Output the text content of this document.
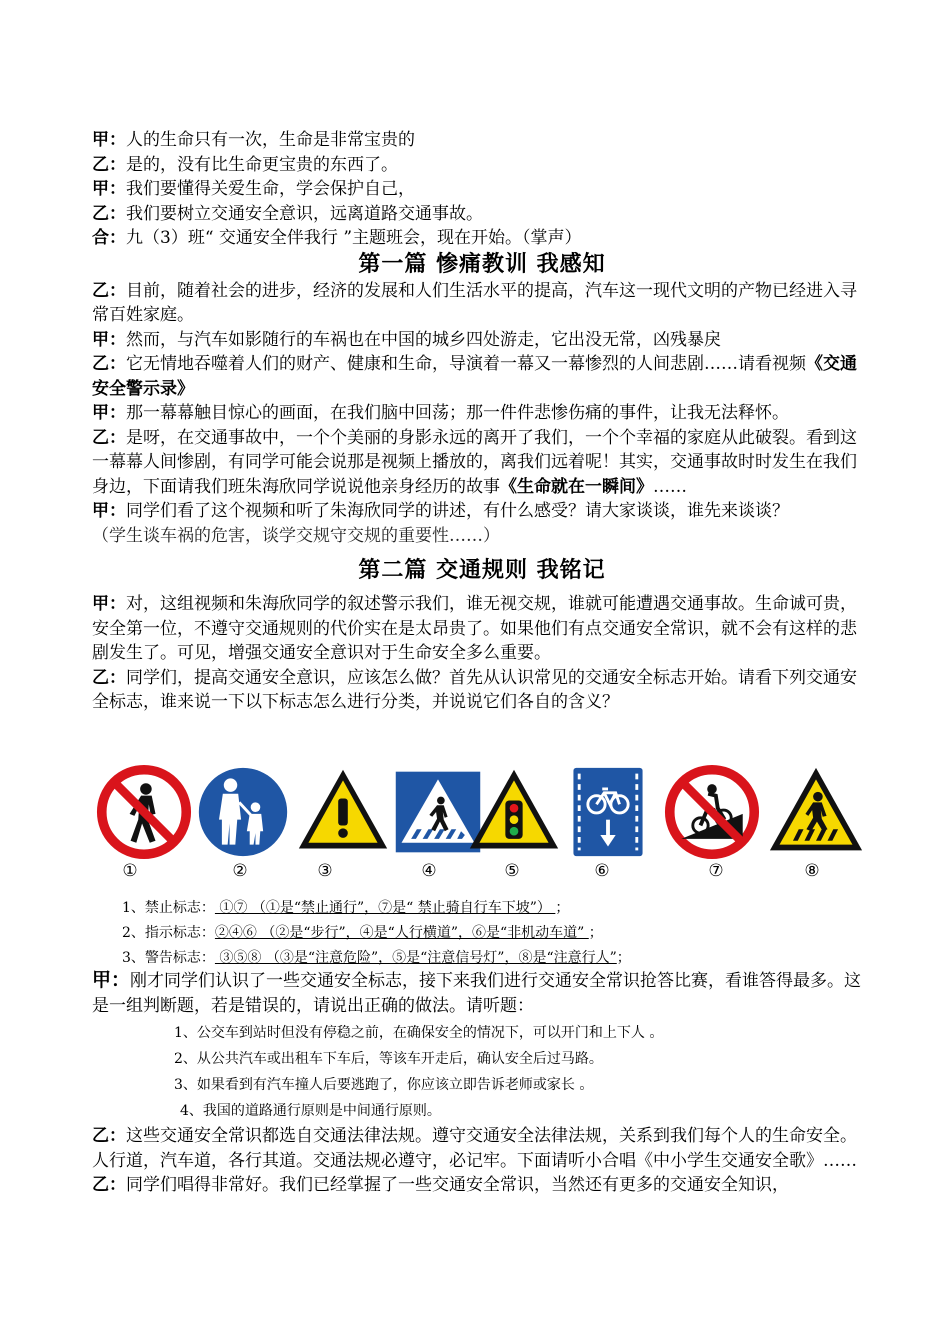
甲：人的生命只有一次，生命是非常宝贵的

乙：是的，没有比生命更宝贵的东西了。

甲：我们要懂得关爱生命，学会保护自己，

乙：我们要树立交通安全意识，远离道路交通事故。

合：九（3）班“ 交通安全伴我行 ”主题班会，现在开始。（掌声）

第一篇 惨痛教训 我感知

乙：目前，随着社会的进步，经济的发展和人们生活水平的提高，汽车这一现代文明的产物已经进入寻常百姓家庭。

甲：然而，与汽车如影随行的车祸也在中国的城乡四处游走，它出没无常，凶残暴戾

乙：它无情地吞噬着人们的财产、健康和生命，导演着一幕又一幕惨烈的人间悲剧……请看视频《交通安全警示录》

甲：那一幕幕触目惊心的画面，在我们脑中回荡；那一件件悲惨伤痛的事件，让我无法释怀。

乙：是呀，在交通事故中，一个个美丽的身影永远的离开了我们，一个个幸福的家庭从此破裂。看到这一幕幕人间惨剧，有同学可能会说那是视频上播放的，离我们远着呢！其实，交通事故时时发生在我们身边，下面请我们班朱海欣同学说说他亲身经历的故事《生命就在一瞬间》……

甲：同学们看了这个视频和听了朱海欣同学的讲述，有什么感受？请大家谈谈，谁先来谈谈？

（学生谈车祸的危害，谈学交规守交规的重要性……）

第二篇 交通规则 我铭记

甲：对，这组视频和朱海欣同学的叙述警示我们，谁无视交规，谁就可能遭遇交通事故。生命诚可贵，安全第一位，不遵守交通规则的代价实在是太昂贵了。如果他们有点交通安全常识，就不会有这样的悲剧发生了。可见，增强交通安全意识对于生命安全多么重要。

乙：同学们，提高交通安全意识，应该怎么做？首先从认识常见的交通安全标志开始。请看下列交通安全标志，谁来说一下以下标志怎么进行分类，并说说它们各自的含义？

①	②	③	④	⑤	⑥	⑦	⑧
1、禁止标志： ①⑦ （①是“禁止通行”，⑦是“ 禁止骑自行车下坡”） ；
2、指示标志：②④⑥ （②是“步行”，④是“人行横道”，⑥是“非机动车道” ；
3、警告标志： ③⑤⑧ （③是“注意危险”，⑤是“注意信号灯”，⑧是“注意行人”；

甲：刚才同学们认识了一些交通安全标志，接下来我们进行交通安全常识抢答比赛，看谁答得最多。这是一组判断题，若是错误的，请说出正确的做法。请听题：

1、公交车到站时但没有停稳之前，在确保安全的情况下，可以开门和上下人 。

2、从公共汽车或出租车下车后，等该车开走后，确认安全后过马路。

3、如果看到有汽车撞人后要逃跑了，你应该立即告诉老师或家长 。

4、我国的道路通行原则是中间通行原则。

乙：这些交通安全常识都选自交通法律法规。遵守交通安全法律法规，关系到我们每个人的生命安全。人行道，汽车道，各行其道。交通法规必遵守，必记牢。下面请听小合唱《中小学生交通安全歌》……

乙：同学们唱得非常好。我们已经掌握了一些交通安全常识，当然还有更多的交通安全知识，
